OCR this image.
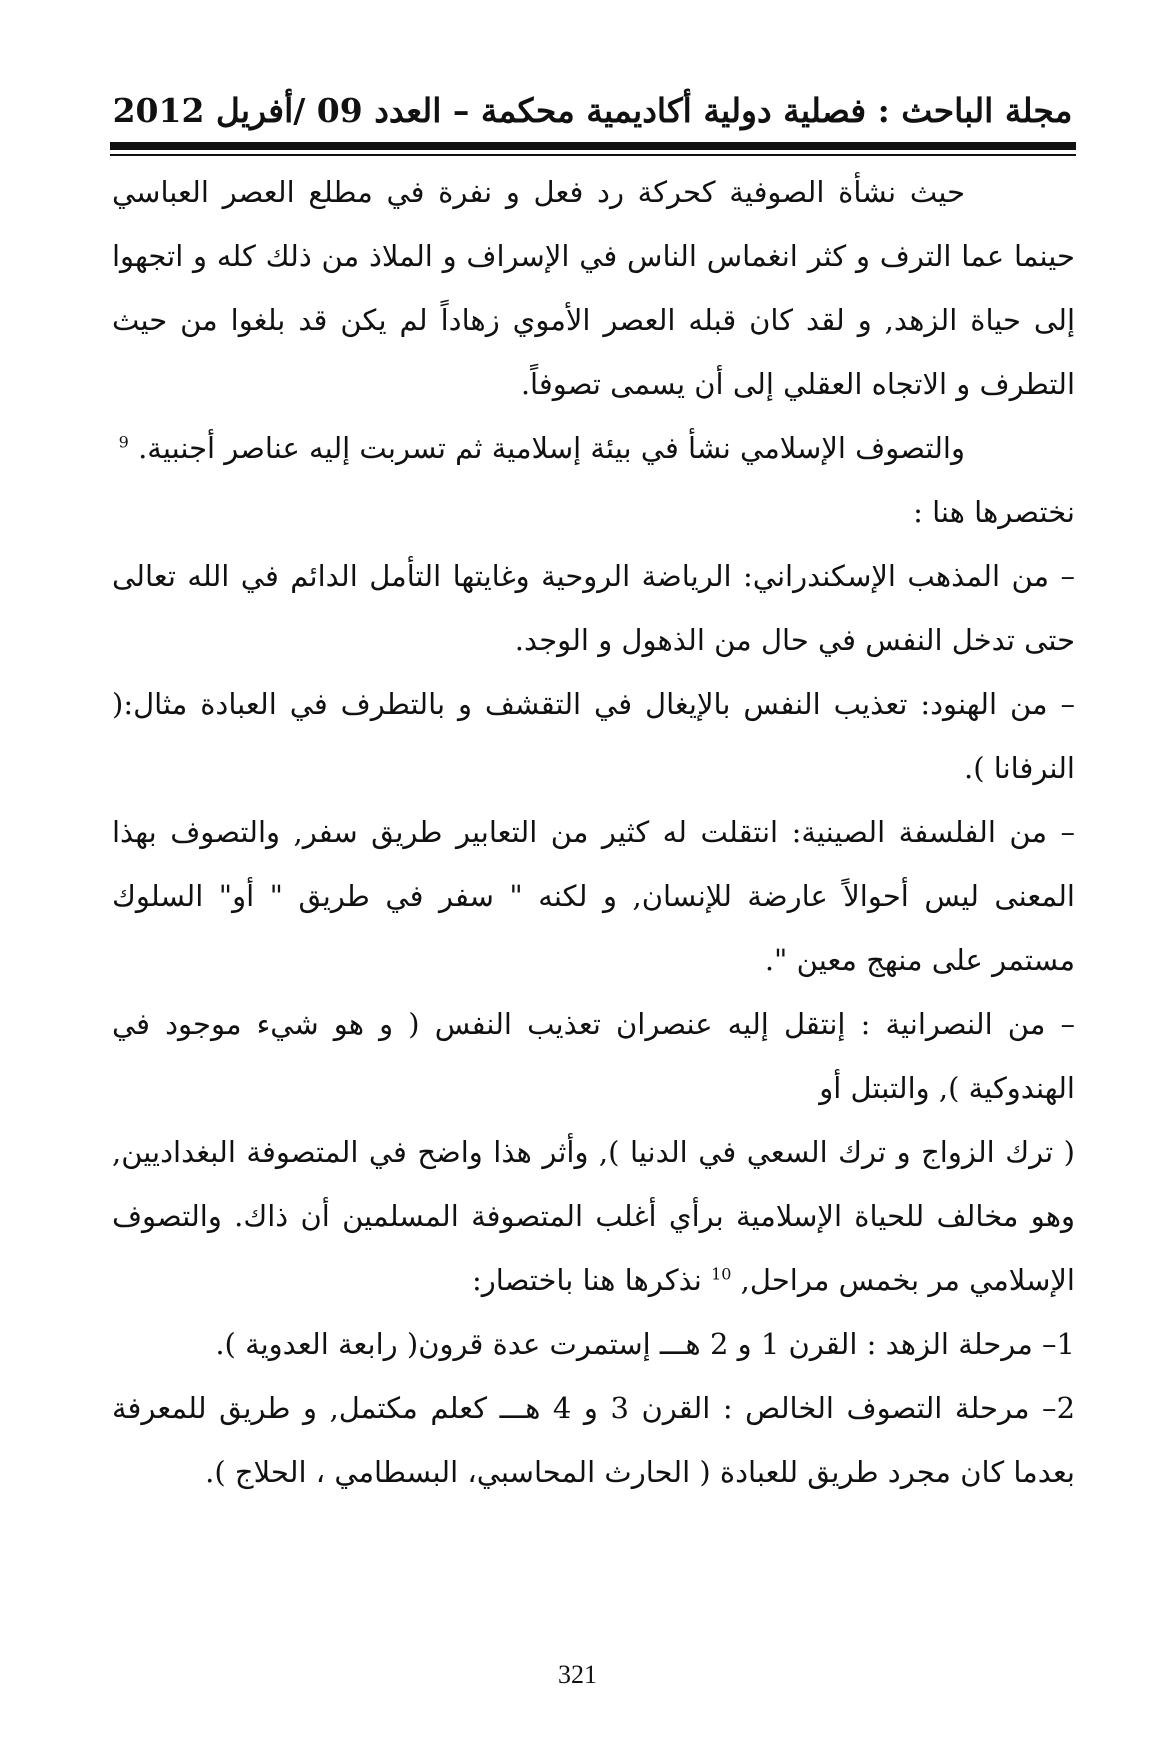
مجلة الباحث : فصلية دولية أكاديمية محكمة – العدد 09 /أفريل 2012

حيث نشأة الصوفية كحركة رد فعل و نفرة في مطلع العصر العباسي حينما عما الترف و كثر انغماس الناس في الإسراف و الملاذ من ذلك كله و اتجهوا إلى حياة الزهد, و لقد كان قبله العصر الأموي زهاداً لم يكن قد بلغوا من حيث التطرف و الاتجاه العقلي إلى أن يسمى تصوفاً.

والتصوف الإسلامي نشأ في بيئة إسلامية ثم تسربت إليه عناصر أجنبية. $^9$

نختصرها هنا :

– من المذهب الإسكندراني: الرياضة الروحية وغايتها التأمل الدائم في الله تعالى حتى تدخل النفس في حال من الذهول و الوجد.

– من الهنود: تعذيب النفس بالإيغال في التقشف و بالتطرف في العبادة مثال:( النرفانا ).

– من الفلسفة الصينية: انتقلت له كثير من التعابير طريق سفر, والتصوف بهذا المعنى ليس أحوالاً عارضة للإنسان, و لكنه " سفر في طريق " أو" السلوك مستمر على منهج معين ".

– من النصرانية : إنتقل إليه عنصران تعذيب النفس ( و هو شيء موجود في الهندوكية ), والتبتل أو

( ترك الزواج و ترك السعي في الدنيا ), وأثر هذا واضح في المتصوفة البغداديين, وهو مخالف للحياة الإسلامية برأي أغلب المتصوفة المسلمين أن ذاك. والتصوف الإسلامي مر بخمس مراحل, $^{10}$ نذكرها هنا باختصار:

1– مرحلة الزهد : القرن 1 و 2 هـــ إستمرت عدة قرون( رابعة العدوية ).

2– مرحلة التصوف الخالص : القرن 3 و 4 هـــ كعلم مكتمل, و طريق للمعرفة بعدما كان مجرد طريق للعبادة ( الحارث المحاسبي، البسطامي ، الحلاج ).

321
